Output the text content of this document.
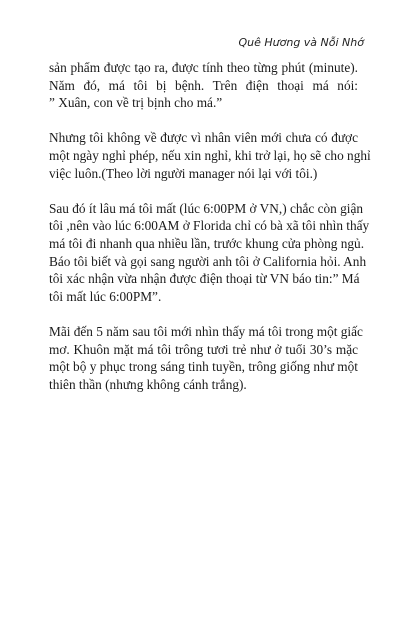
Quê Hương và Nỗi Nhớ

sản phẩm được tạo ra, được tính theo từng phút (minute).
Năm đó, má tôi bị bệnh. Trên điện thoại má nói:
” Xuân, con về trị bịnh cho má.”

Nhưng tôi không về được vì nhân viên mới chưa có được
một ngày nghỉ phép, nếu xin nghỉ, khi trở lại, họ sẽ cho nghỉ
việc luôn.(Theo lời người manager nói lại với tôi.)

Sau đó ít lâu má tôi mất (lúc 6:00PM ở VN,) chắc còn giận
tôi ,nên vào lúc 6:00AM ở Florida chỉ có bà xã tôi nhìn thấy
má tôi đi nhanh qua nhiều lần, trước khung cửa phòng ngủ.
Báo tôi biết và gọi sang người anh tôi ở California hỏi. Anh
tôi xác nhận vừa nhận được điện thoại từ VN báo tin:” Má
tôi mất lúc 6:00PM”.

Mãi đến 5 năm sau tôi mới nhìn thấy má tôi trong một giấc
mơ. Khuôn mặt má tôi trông tươi trẻ như ở tuổi 30’s mặc
một bộ y phục trong sáng tinh tuyền, trông giống như một
thiên thần (nhưng không cánh trắng).
